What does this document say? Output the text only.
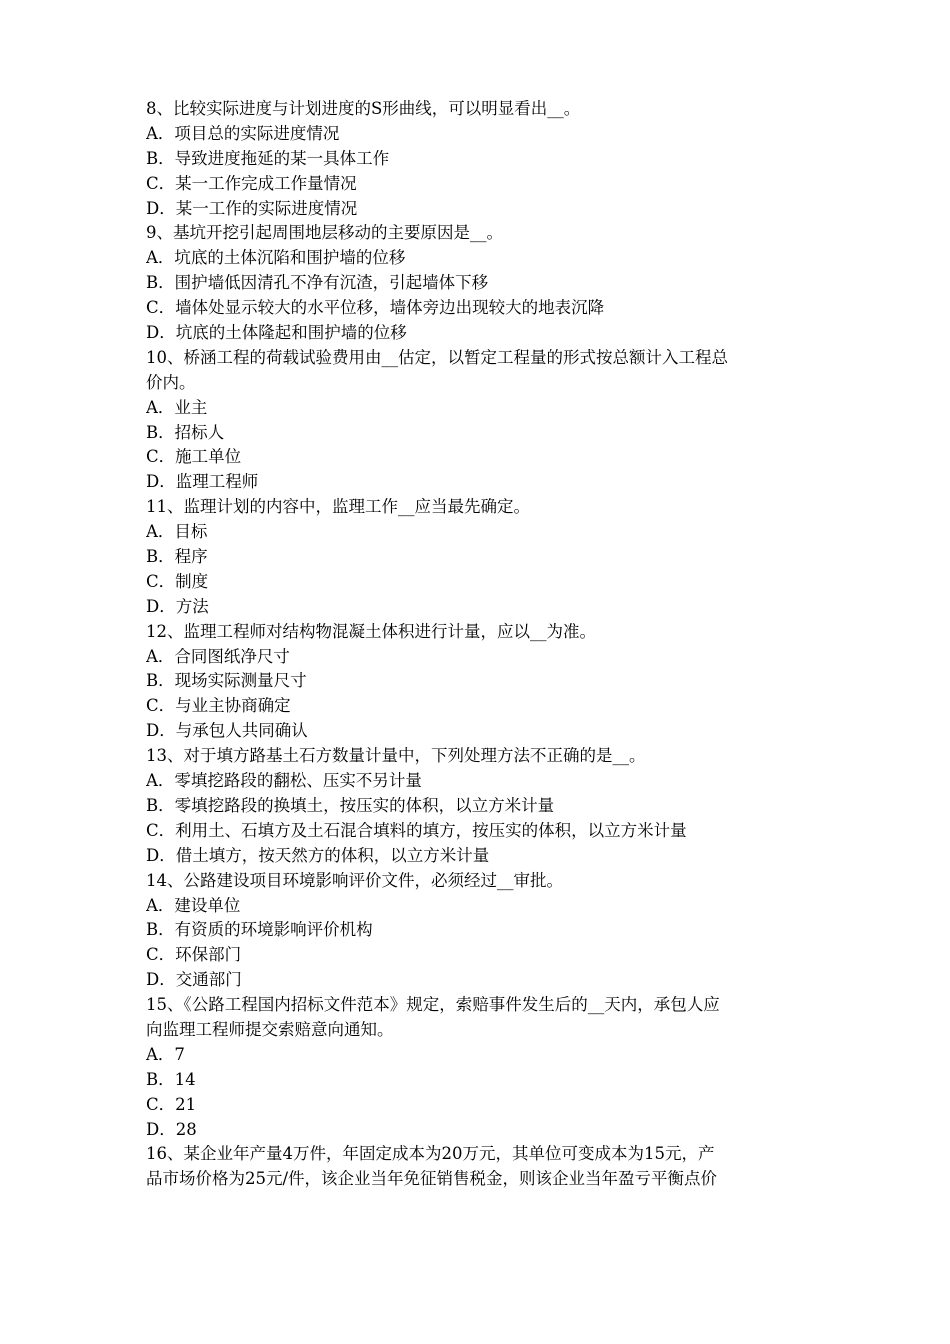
8、比较实际进度与计划进度的S形曲线，可以明显看出__。
A．项目总的实际进度情况
B．导致进度拖延的某一具体工作
C．某一工作完成工作量情况
D．某一工作的实际进度情况
9、基坑开挖引起周围地层移动的主要原因是__。
A．坑底的土体沉陷和围护墙的位移
B．围护墙低因清孔不净有沉渣，引起墙体下移
C．墙体处显示较大的水平位移，墙体旁边出现较大的地表沉降
D．坑底的土体隆起和围护墙的位移
10、桥涵工程的荷载试验费用由__估定，以暂定工程量的形式按总额计入工程总
价内。
A．业主
B．招标人
C．施工单位
D．监理工程师
11、监理计划的内容中，监理工作__应当最先确定。
A．目标
B．程序
C．制度
D．方法
12、监理工程师对结构物混凝土体积进行计量，应以__为准。
A．合同图纸净尺寸
B．现场实际测量尺寸
C．与业主协商确定
D．与承包人共同确认
13、对于填方路基土石方数量计量中，下列处理方法不正确的是__。
A．零填挖路段的翻松、压实不另计量
B．零填挖路段的换填土，按压实的体积，以立方米计量
C．利用土、石填方及土石混合填料的填方，按压实的体积，以立方米计量
D．借土填方，按天然方的体积，以立方米计量
14、公路建设项目环境影响评价文件，必须经过__审批。
A．建设单位
B．有资质的环境影响评价机构
C．环保部门
D．交通部门
15、《公路工程国内招标文件范本》规定，索赔事件发生后的__天内，承包人应
向监理工程师提交索赔意向通知。
A．7
B．14
C．21
D．28
16、某企业年产量4万件，年固定成本为20万元，其单位可变成本为15元，产
品市场价格为25元/件，该企业当年免征销售税金，则该企业当年盈亏平衡点价
